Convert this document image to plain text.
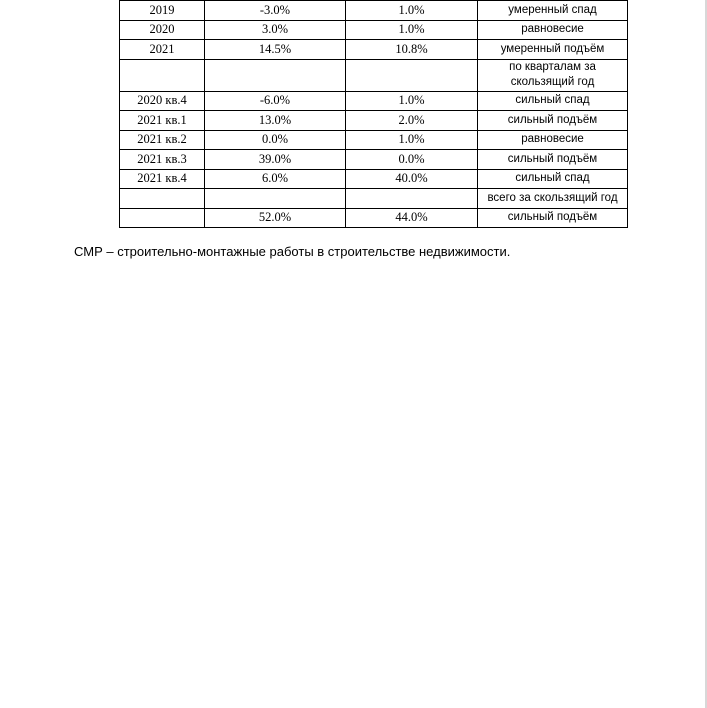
2019	-3.0%	1.0%	умеренный спад
2020	3.0%	1.0%	равновесие
2021	14.5%	10.8%	умеренный подъём
			по кварталам за скользящий год
2020 кв.4	-6.0%	1.0%	сильный спад
2021 кв.1	13.0%	2.0%	сильный подъём
2021 кв.2	0.0%	1.0%	равновесие
2021 кв.3	39.0%	0.0%	сильный подъём
2021 кв.4	6.0%	40.0%	сильный спад
			всего за скользящий год
	52.0%	44.0%	сильный подъём
СМР – строительно-монтажные работы в строительстве недвижимости.
